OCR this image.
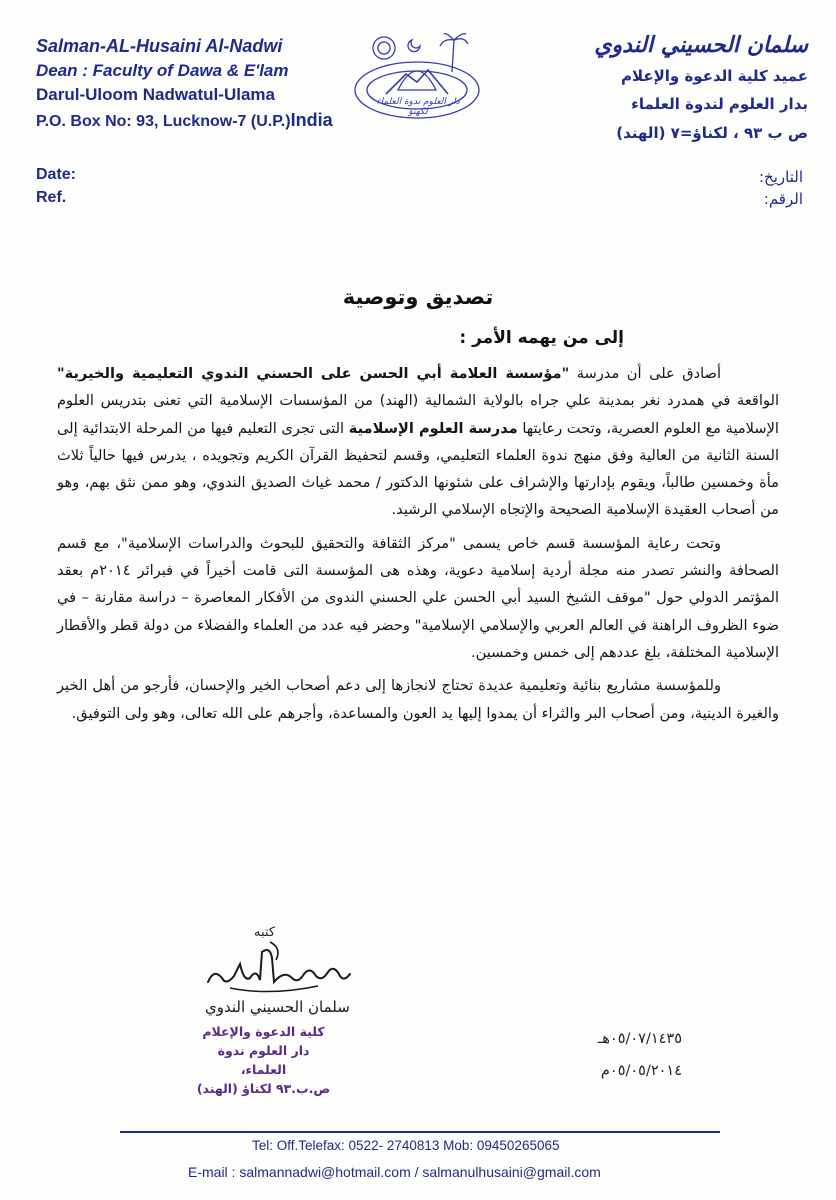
Salman-AL-Husaini Al-Nadwi
Dean : Faculty of Dawa & E'lam
Darul-Uloom Nadwatul-Ulama
P.O. Box No: 93, Lucknow-7 (U.P.)India
دار العلوم ندوة العلماء لكهنؤ
سلمان الحسيني الندوي
عميد كلية الدعوة والإعلام
بدار العلوم لندوة العلماء
ص ب ٩٣ ، لكناؤ=٧ (الهند)
Date:
Ref.
التاريخ:
الرقم:
تصديق وتوصية
إلى من يهمه الأمر :

أصادق على أن مدرسة "مؤسسة العلامة أبي الحسن على الحسني الندوي التعليمية والخيرية" الواقعة في همدرد نغر بمدينة علي جراه بالولاية الشمالية (الهند) من المؤسسات الإسلامية التي تعنى بتدريس العلوم الإسلامية مع العلوم العصرية، وتحت رعايتها مدرسة العلوم الإسلامية التى تجرى التعليم فيها من المرحلة الابتدائية إلى السنة الثانية من العالية وفق منهج ندوة العلماء التعليمي، وقسم لتحفيظ القرآن الكريم وتجويده ، يدرس فيها حالياً ثلاث مأة وخمسين طالباً، ويقوم بإدارتها والإشراف على شئونها الدكتور / محمد غياث الصديق الندوي، وهو ممن نثق بهم، وهو من أصحاب العقيدة الإسلامية الصحيحة والإتجاه الإسلامي الرشيد.

وتحت رعاية المؤسسة قسم خاص يسمى "مركز الثقافة والتحقيق للبحوث والدراسات الإسلامية"، مع قسم الصحافة والنشر تصدر منه مجلة أردية إسلامية دعوية، وهذه هى المؤسسة التى قامت أخيراً في فبرائر ٢٠١٤م بعقد المؤتمر الدولي حول "موقف الشيخ السيد أبي الحسن علي الحسني الندوى من الأفكار المعاصرة – دراسة مقارنة – في ضوء الظروف الراهنة في العالم العربي والإسلامي الإسلامية" وحضر فيه عدد من العلماء والفضلاء من دولة قطر والأقطار الإسلامية المختلفة، بلغ عددهم إلى خمس وخمسين.

وللمؤسسة مشاريع بنائية وتعليمية عديدة تحتاج لانجازها إلى دعم أصحاب الخير والإحسان، فأرجو من أهل الخير والغيرة الدينية، ومن أصحاب البر والثراء أن يمدوا إليها يد العون والمساعدة، وأجرهم على الله تعالى، وهو ولى التوفيق.

كتبه
سلمان الحسيني الندوي
كلية الدعوة والإعلام
دار العلوم ندوة العلماء،
ص.ب.٩٣ لكناؤ (الهند)
٠٥/٠٧/١٤٣٥هـ
٠٥/٠٥/٢٠١٤م
Tel: Off.Telefax: 0522- 2740813 Mob: 09450265065
E-mail : salmannadwi@hotmail.com / salmanulhusaini@gmail.com
